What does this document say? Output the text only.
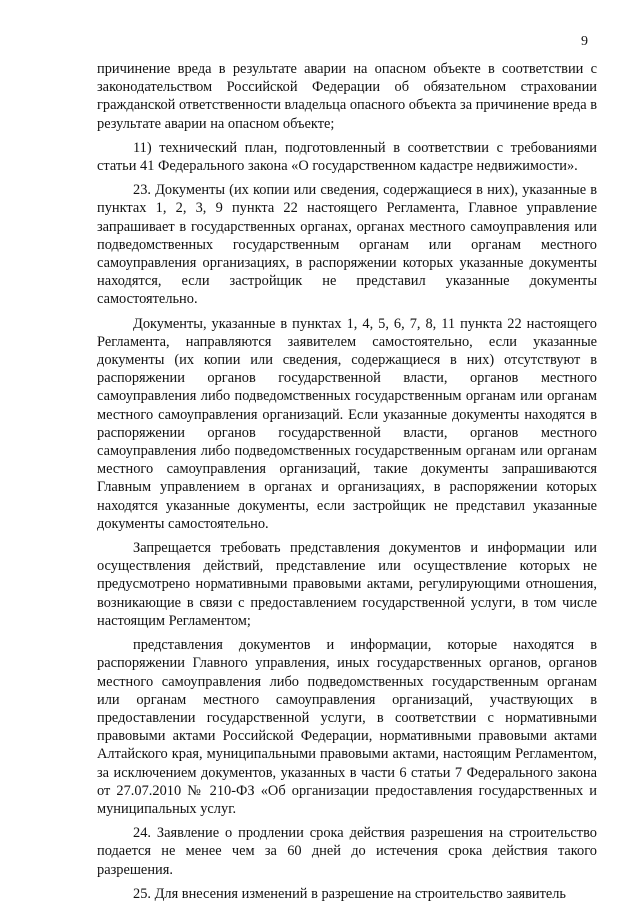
9

причинение вреда в результате аварии на опасном объекте в соответствии с законодательством Российской Федерации об обязательном страховании гражданской ответственности владельца опасного объекта за причинение вреда в результате аварии на опасном объекте;

11) технический план, подготовленный в соответствии с требованиями статьи 41 Федерального закона «О государственном кадастре недвижимости».

23. Документы (их копии или сведения, содержащиеся в них), указанные в пунктах 1, 2, 3, 9 пункта 22 настоящего Регламента, Главное управление запрашивает в государственных органах, органах местного самоуправления или подведомственных государственным органам или органам местного самоуправления организациях, в распоряжении которых указанные документы находятся, если застройщик не представил указанные документы самостоятельно.

Документы, указанные в пунктах 1, 4, 5, 6, 7, 8, 11 пункта 22 настоящего Регламента, направляются заявителем самостоятельно, если указанные документы (их копии или сведения, содержащиеся в них) отсутствуют в распоряжении органов государственной власти, органов местного самоуправления либо подведомственных государственным органам или органам местного самоуправления организаций. Если указанные документы находятся в распоряжении органов государственной власти, органов местного самоуправления либо подведомственных государственным органам или органам местного самоуправления организаций, такие документы запрашиваются Главным управлением в органах и организациях, в распоряжении которых находятся указанные документы, если застройщик не представил указанные документы самостоятельно.

Запрещается требовать представления документов и информации или осуществления действий, представление или осуществление которых не предусмотрено нормативными правовыми актами, регулирующими отношения, возникающие в связи с предоставлением государственной услуги, в том числе настоящим Регламентом;

представления документов и информации, которые находятся в распоряжении Главного управления, иных государственных органов, органов местного самоуправления либо подведомственных государственным органам или органам местного самоуправления организаций, участвующих в предоставлении государственной услуги, в соответствии с нормативными правовыми актами Российской Федерации, нормативными правовыми актами Алтайского края, муниципальными правовыми актами, настоящим Регламентом, за исключением документов, указанных в части 6 статьи 7 Федерального закона от 27.07.2010 № 210-ФЗ «Об организации предоставления государственных и муниципальных услуг.

24. Заявление о продлении срока действия разрешения на строительство подается не менее чем за 60 дней до истечения срока действия такого разрешения.

25. Для внесения изменений в разрешение на строительство заявитель
